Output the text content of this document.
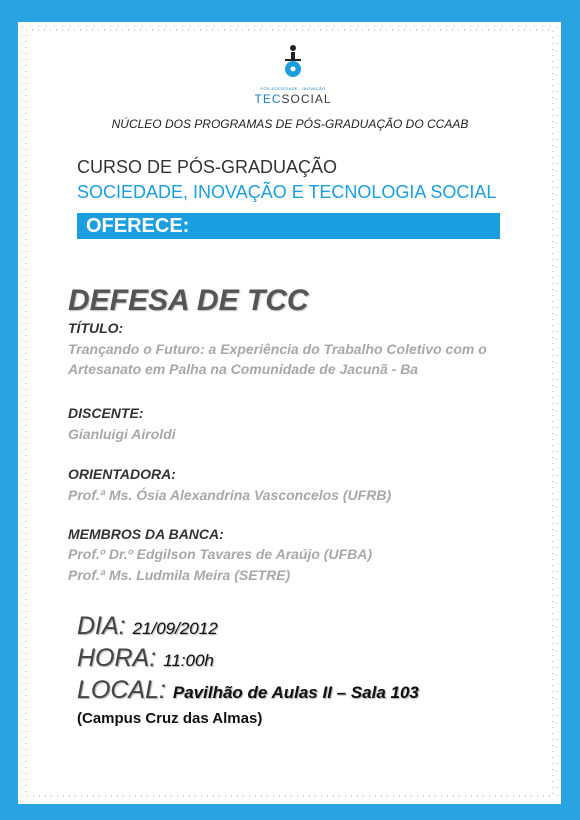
PÓS-SOCIEDADE - INOVAÇÃO
TECSOCIAL
NÚCLEO DOS PROGRAMAS DE PÓS-GRADUAÇÃO DO CCAAB
CURSO DE PÓS-GRADUAÇÃO
SOCIEDADE, INOVAÇÃO E TECNOLOGIA SOCIAL
OFERECE:
DEFESA DE TCC
TÍTULO:
Trançando o Futuro: a Experiência do Trabalho Coletivo com o
Artesanato em Palha na Comunidade de Jacunã - Ba
DISCENTE:
Gianluigi Airoldi
ORIENTADORA:
Prof.ª Ms. Ósia Alexandrina Vasconcelos (UFRB)
MEMBROS DA BANCA:
Prof.º Dr.º Edgilson Tavares de Araújo (UFBA)
Prof.ª Ms. Ludmila Meira (SETRE)
DIA: 21/09/2012
HORA: 11:00h
LOCAL: Pavilhão de Aulas II – Sala 103
(Campus Cruz das Almas)
